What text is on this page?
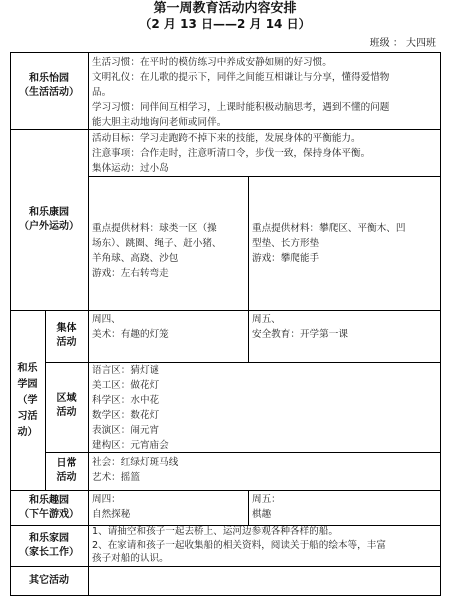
第一周教育活动内容安排
（2 月 13 日——2 月 14 日）
班级 ： 大四班
和乐怡园
（生活活动）
生活习惯：在平时的模仿练习中养成安静如厕的好习惯。
文明礼仪：在儿歌的提示下，同伴之间能互相谦让与分享，懂得爱惜物
品。
学习习惯：同伴间互相学习，上课时能积极动脑思考，遇到不懂的问题
能大胆主动地询问老师或同伴。
和乐康园
（户外运动）
活动目标：学习走跑跨不掉下来的技能，发展身体的平衡能力。
注意事项：合作走时，注意听清口令，步伐一致，保持身体平衡。
集体运动：过小岛
重点提供材料：球类一区（操
场东）、跳圈、绳子、赶小猪、
羊角球、高跷、沙包
游戏：左右转弯走
重点提供材料：攀爬区、平衡木、凹
型垫、长方形垫
游戏：攀爬能手
和乐
学园
（学
习活
动）
集体
活动
周四、
美术：有趣的灯笼
周五、
安全教育：开学第一课
区域
活动
语言区：猜灯谜
美工区：做花灯
科学区：水中花
数学区：数花灯
表演区：闹元宵
建构区：元宵庙会
日常
活动
社会：红绿灯斑马线
艺术：摇篮
和乐趣园
（下午游戏）
周四：
自然探秘
周五：
棋趣
和乐家园
（家长工作）
1、请抽空和孩子一起去桥上、运河边参观各种各样的船。
2、在家请和孩子一起收集船的相关资料，阅读关于船的绘本等，丰富
孩子对船的认识。
其它活动
